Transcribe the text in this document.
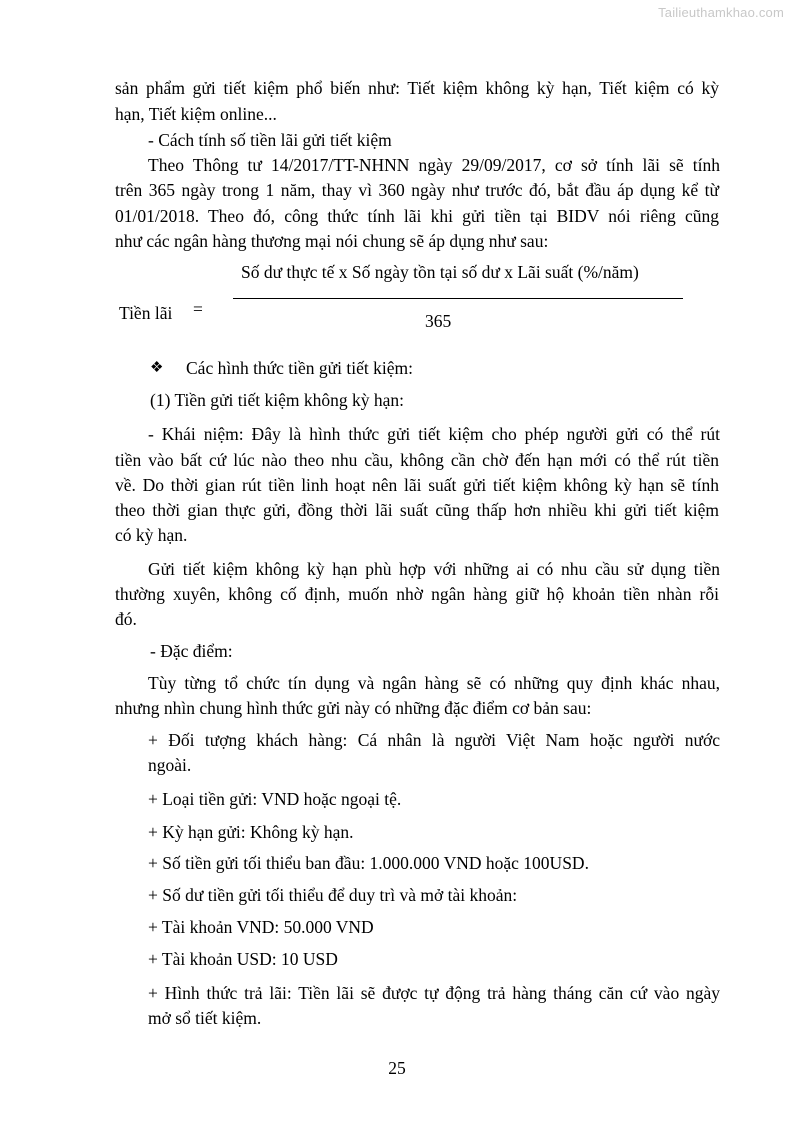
Tailieuthamkhao.com
sản phẩm gửi tiết kiệm phổ biến như: Tiết kiệm không kỳ hạn, Tiết kiệm có kỳ
hạn, Tiết kiệm online...
- Cách tính số tiền lãi gửi tiết kiệm
Theo Thông tư 14/2017/TT-NHNN ngày 29/09/2017, cơ sở tính lãi sẽ tính
trên 365 ngày trong 1 năm, thay vì 360 ngày như trước đó, bắt đầu áp dụng kể từ
01/01/2018. Theo đó, công thức tính lãi khi gửi tiền tại BIDV nói riêng cũng
như các ngân hàng thương mại nói chung sẽ áp dụng như sau:
Số dư thực tế x Số ngày tồn tại số dư x Lãi suất (%/năm)
=
Tiền lãi	365
❖ Các hình thức tiền gửi tiết kiệm:
(1) Tiền gửi tiết kiệm không kỳ hạn:
- Khái niệm: Đây là hình thức gửi tiết kiệm cho phép người gửi có thể rút
tiền vào bất cứ lúc nào theo nhu cầu, không cần chờ đến hạn mới có thể rút tiền
về. Do thời gian rút tiền linh hoạt nên lãi suất gửi tiết kiệm không kỳ hạn sẽ tính
theo thời gian thực gửi, đồng thời lãi suất cũng thấp hơn nhiều khi gửi tiết kiệm
có kỳ hạn.
Gửi tiết kiệm không kỳ hạn phù hợp với những ai có nhu cầu sử dụng tiền
thường xuyên, không cố định, muốn nhờ ngân hàng giữ hộ khoản tiền nhàn rỗi
đó.
- Đặc điểm:
Tùy từng tổ chức tín dụng và ngân hàng sẽ có những quy định khác nhau,
nhưng nhìn chung hình thức gửi này có những đặc điểm cơ bản sau:
+ Đối tượng khách hàng: Cá nhân là người Việt Nam hoặc người nước
ngoài.
+ Loại tiền gửi: VND hoặc ngoại tệ.
+ Kỳ hạn gửi: Không kỳ hạn.
+ Số tiền gửi tối thiểu ban đầu: 1.000.000 VND hoặc 100USD.
+ Số dư tiền gửi tối thiểu để duy trì và mở tài khoản:
+ Tài khoản VND: 50.000 VND
+ Tài khoản USD: 10 USD
+ Hình thức trả lãi: Tiền lãi sẽ được tự động trả hàng tháng căn cứ vào ngày
mở sổ tiết kiệm.
25
